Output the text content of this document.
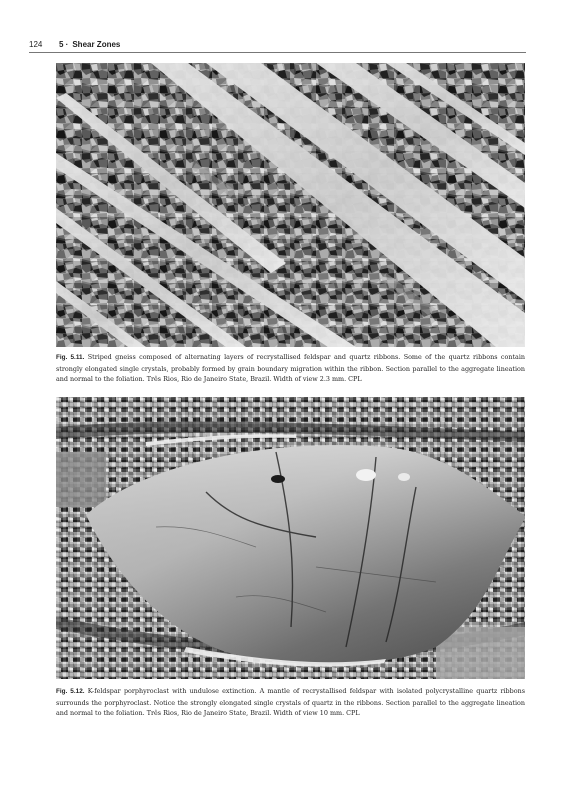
124	5 · Shear Zones
Fig. 5.11. Striped gneiss composed of alternating layers of recrystallised feldspar and quartz ribbons. Some of the quartz ribbons contain strongly elongated single crystals, probably formed by grain boundary migration within the ribbon. Section parallel to the aggregate lineation and normal to the foliation. Três Rios, Rio de Janeiro State, Brazil. Width of view 2.3 mm. CPL
Fig. 5.12. K-feldspar porphyroclast with undulose extinction. A mantle of recrystallised feldspar with isolated polycrystalline quartz ribbons surrounds the porphyroclast. Notice the strongly elongated single crystals of quartz in the ribbons. Section parallel to the aggregate lineation and normal to the foliation. Três Rios, Rio de Janeiro State, Brazil. Width of view 10 mm. CPL
